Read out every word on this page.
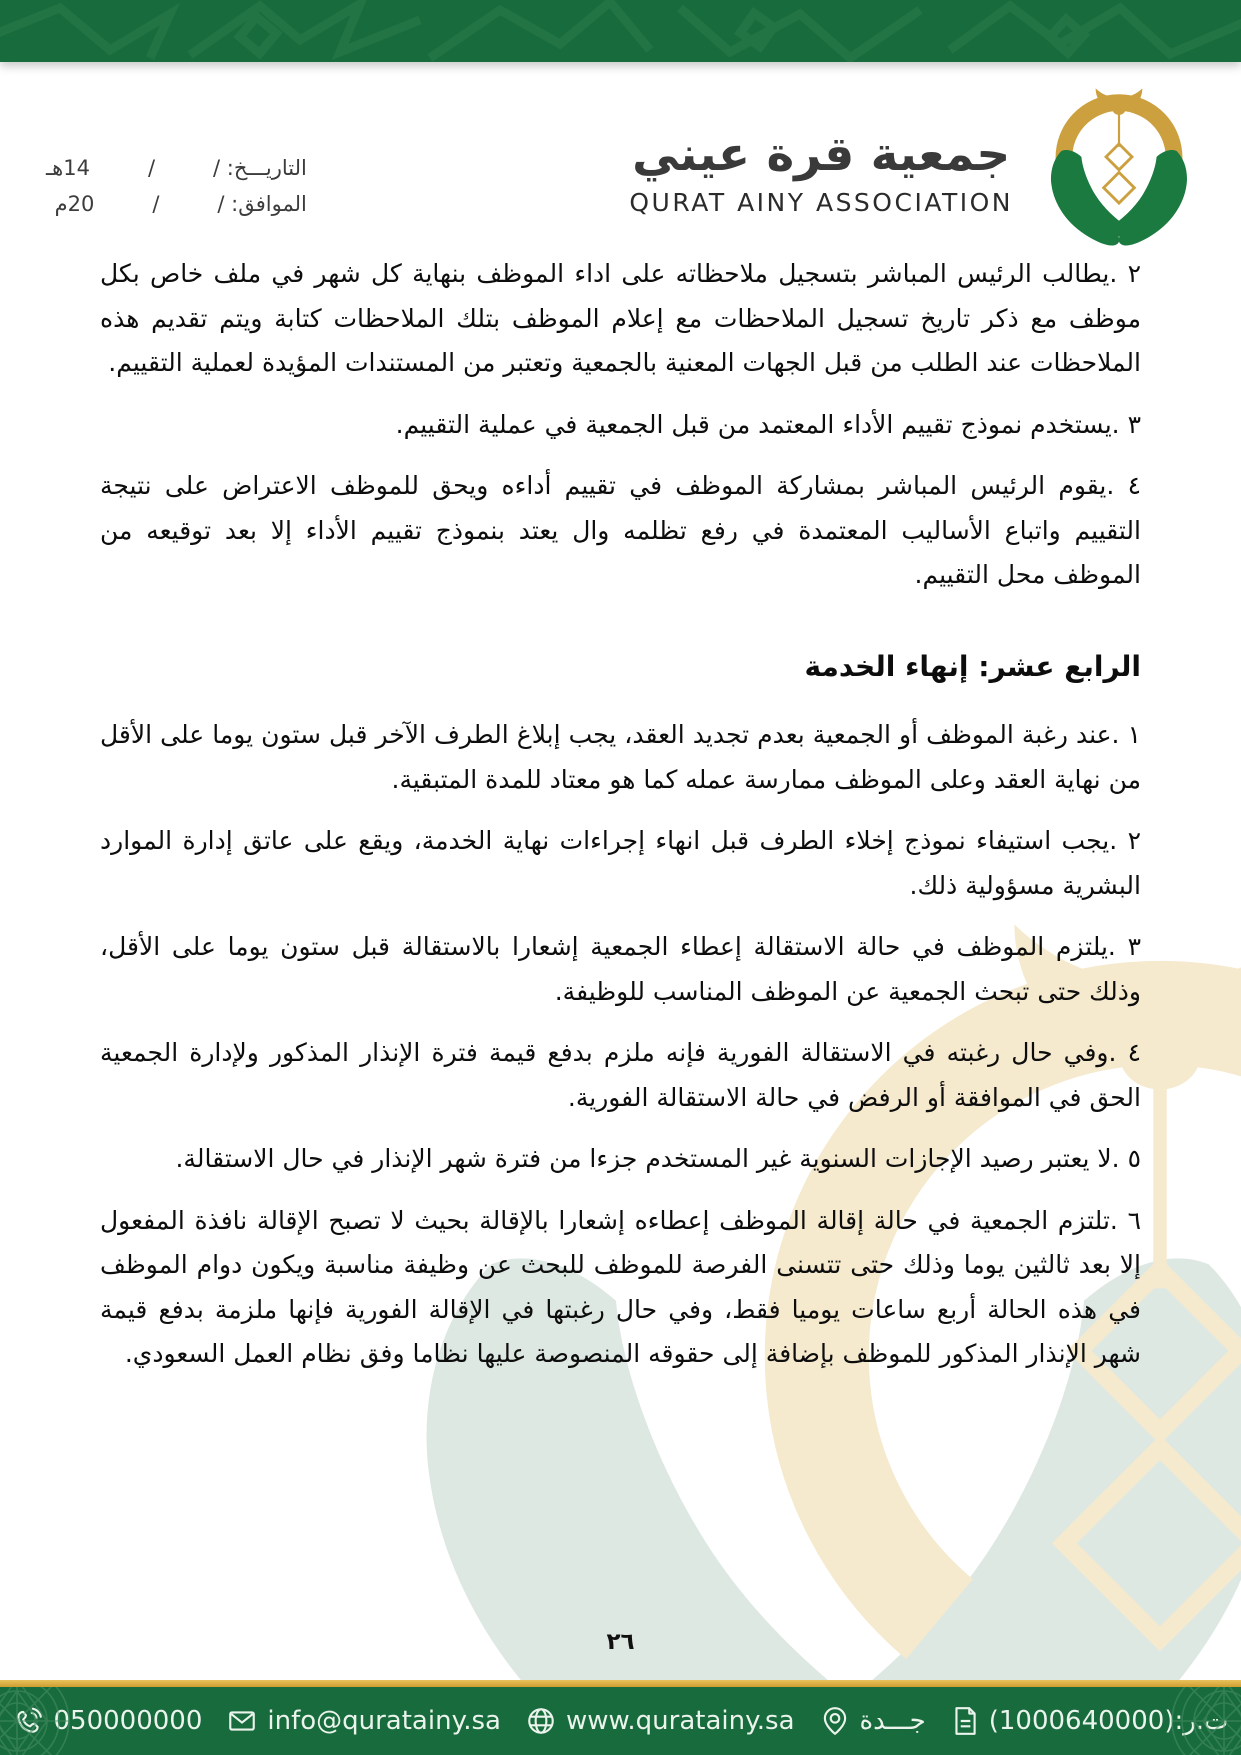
التاريـــخ: /
/
14هـ
الموافق: /
/
20م
جمعية قرة عيني
QURAT AINY ASSOCIATION

٢ .يطالب الرئيس المباشر بتسجيل ملاحظاته على اداء الموظف بنهاية كل شهر في ملف خاص بكل موظف مع ذكر تاريخ تسجيل الملاحظات مع إعلام الموظف بتلك الملاحظات كتابة ويتم تقديم هذه الملاحظات عند الطلب من قبل الجهات المعنية بالجمعية وتعتبر من المستندات المؤيدة لعملية التقييم.

٣ .يستخدم نموذج تقييم الأداء المعتمد من قبل الجمعية في عملية التقييم.

٤ .يقوم الرئيس المباشر بمشاركة الموظف في تقييم أداءه ويحق للموظف الاعتراض على نتيجة التقييم واتباع الأساليب المعتمدة في رفع تظلمه وال يعتد بنموذج تقييم الأداء إلا بعد توقيعه من الموظف محل التقييم.

الرابع عشر: إنهاء الخدمة

١ .عند رغبة الموظف أو الجمعية بعدم تجديد العقد، يجب إبلاغ الطرف الآخر قبل ستون يوما على الأقل من نهاية العقد وعلى الموظف ممارسة عمله كما هو معتاد للمدة المتبقية.

٢ .يجب استيفاء نموذج إخلاء الطرف قبل انهاء إجراءات نهاية الخدمة، ويقع على عاتق إدارة الموارد البشرية مسؤولية ذلك.

٣ .يلتزم الموظف في حالة الاستقالة إعطاء الجمعية إشعارا بالاستقالة قبل ستون يوما على الأقل، وذلك حتى تبحث الجمعية عن الموظف المناسب للوظيفة.

٤ .وفي حال رغبته في الاستقالة الفورية فإنه ملزم بدفع قيمة فترة الإنذار المذكور ولإدارة الجمعية الحق في الموافقة أو الرفض في حالة الاستقالة الفورية.

٥ .لا يعتبر رصيد الإجازات السنوية غير المستخدم جزءا من فترة شهر الإنذار في حال الاستقالة.

٦ .تلتزم الجمعية في حالة إقالة الموظف إعطاءه إشعارا بالإقالة بحيث لا تصبح الإقالة نافذة المفعول إلا بعد ثالثين يوما وذلك حتى تتسنى الفرصة للموظف للبحث عن وظيفة مناسبة ويكون دوام الموظف في هذه الحالة أربع ساعات يوميا فقط، وفي حال رغبتها في الإقالة الفورية فإنها ملزمة بدفع قيمة شهر الإنذار المذكور للموظف بإضافة إلى حقوقه المنصوصة عليها نظاما وفق نظام العمل السعودي.

٢٦
050000000	info@quratainy.sa	www.quratainy.sa	جـــدة ت.ر:(1000640000)
